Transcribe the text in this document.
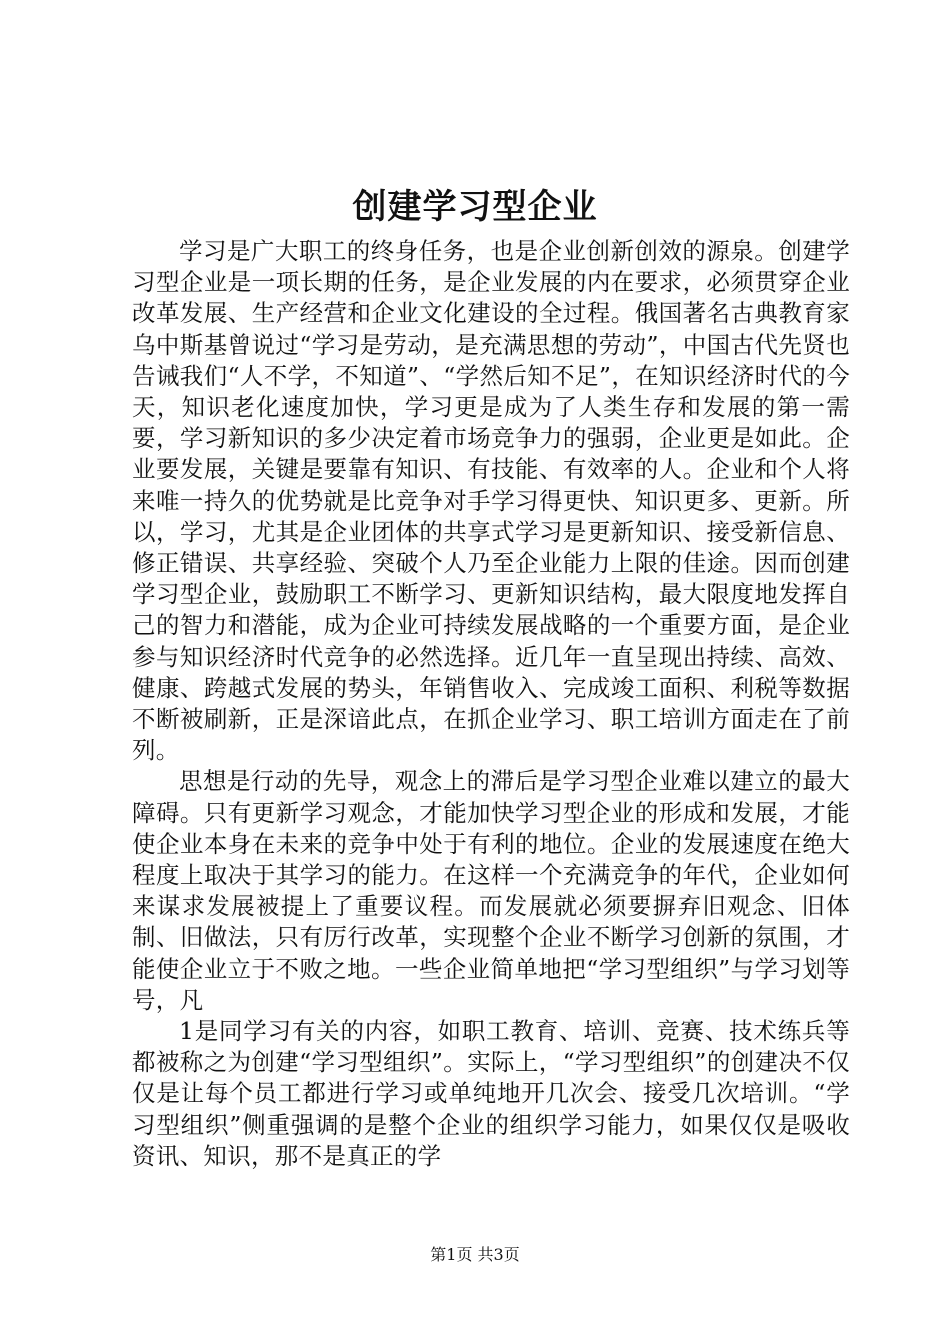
创建学习型企业

学习是广大职工的终身任务，也是企业创新创效的源泉。创建学习型企业是一项长期的任务，是企业发展的内在要求，必须贯穿企业改革发展、生产经营和企业文化建设的全过程。俄国著名古典教育家乌中斯基曾说过“学习是劳动，是充满思想的劳动”，中国古代先贤也告诫我们“人不学，不知道”、“学然后知不足”，在知识经济时代的今天，知识老化速度加快，学习更是成为了人类生存和发展的第一需要，学习新知识的多少决定着市场竞争力的强弱，企业更是如此。企业要发展，关键是要靠有知识、有技能、有效率的人。企业和个人将来唯一持久的优势就是比竞争对手学习得更快、知识更多、更新。所以，学习，尤其是企业团体的共享式学习是更新知识、接受新信息、修正错误、共享经验、突破个人乃至企业能力上限的佳途。因而创建学习型企业，鼓励职工不断学习、更新知识结构，最大限度地发挥自己的智力和潜能，成为企业可持续发展战略的一个重要方面，是企业参与知识经济时代竞争的必然选择。近几年一直呈现出持续、高效、健康、跨越式发展的势头，年销售收入、完成竣工面积、利税等数据不断被刷新，正是深谙此点，在抓企业学习、职工培训方面走在了前列。

思想是行动的先导，观念上的滞后是学习型企业难以建立的最大障碍。只有更新学习观念，才能加快学习型企业的形成和发展，才能使企业本身在未来的竞争中处于有利的地位。企业的发展速度在绝大程度上取决于其学习的能力。在这样一个充满竞争的年代，企业如何来谋求发展被提上了重要议程。而发展就必须要摒弃旧观念、旧体制、旧做法，只有厉行改革，实现整个企业不断学习创新的氛围，才能使企业立于不败之地。一些企业简单地把“学习型组织”与学习划等号，凡

1是同学习有关的内容，如职工教育、培训、竞赛、技术练兵等都被称之为创建“学习型组织”。实际上，“学习型组织”的创建决不仅仅是让每个员工都进行学习或单纯地开几次会、接受几次培训。“学习型组织”侧重强调的是整个企业的组织学习能力，如果仅仅是吸收资讯、知识，那不是真正的学

第1页 共3页
